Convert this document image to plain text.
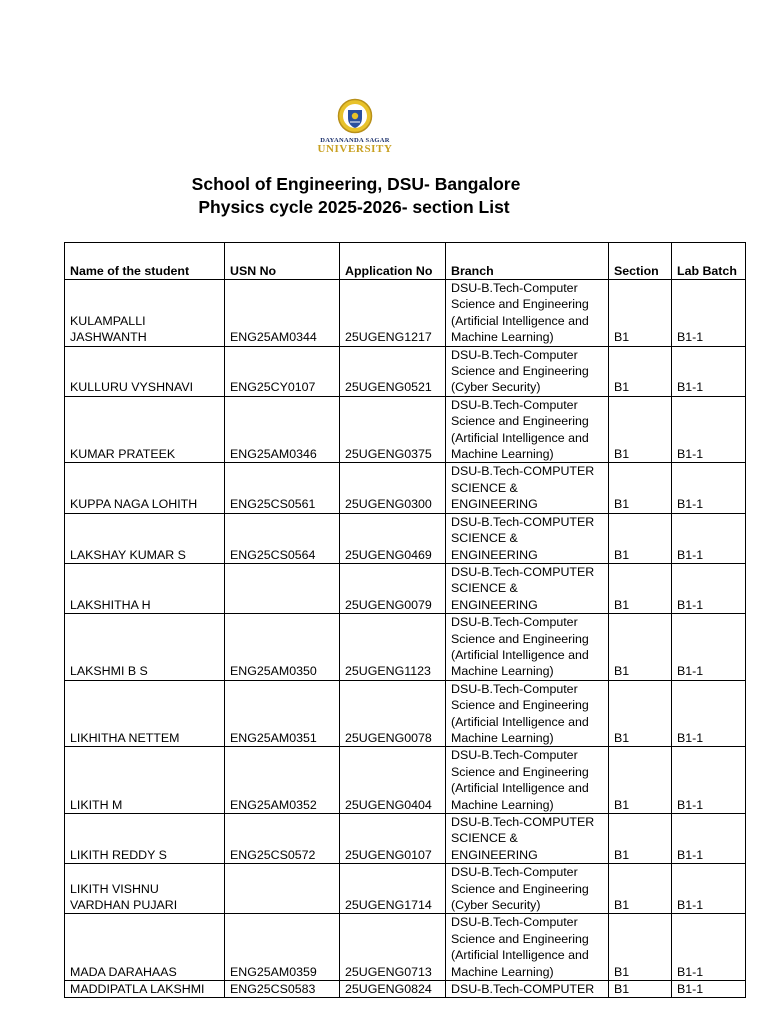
DAYANANDA SAGAR
UNIVERSITY
School of Engineering, DSU- Bangalore
Physics cycle 2025-2026- section List
Name of the student	USN No	Application No	Branch	Section	Lab Batch
KULAMPALLI JASHWANTH	ENG25AM0344	25UGENG1217	DSU-B.Tech-Computer Science and Engineering (Artificial Intelligence and Machine Learning)	B1	B1-1
KULLURU VYSHNAVI	ENG25CY0107	25UGENG0521	DSU-B.Tech-Computer Science and Engineering (Cyber Security)	B1	B1-1
KUMAR PRATEEK	ENG25AM0346	25UGENG0375	DSU-B.Tech-Computer Science and Engineering (Artificial Intelligence and Machine Learning)	B1	B1-1
KUPPA NAGA LOHITH	ENG25CS0561	25UGENG0300	DSU-B.Tech-COMPUTER SCIENCE & ENGINEERING	B1	B1-1
LAKSHAY KUMAR S	ENG25CS0564	25UGENG0469	DSU-B.Tech-COMPUTER SCIENCE & ENGINEERING	B1	B1-1
LAKSHITHA H		25UGENG0079	DSU-B.Tech-COMPUTER SCIENCE & ENGINEERING	B1	B1-1
LAKSHMI B S	ENG25AM0350	25UGENG1123	DSU-B.Tech-Computer Science and Engineering (Artificial Intelligence and Machine Learning)	B1	B1-1
LIKHITHA NETTEM	ENG25AM0351	25UGENG0078	DSU-B.Tech-Computer Science and Engineering (Artificial Intelligence and Machine Learning)	B1	B1-1
LIKITH M	ENG25AM0352	25UGENG0404	DSU-B.Tech-Computer Science and Engineering (Artificial Intelligence and Machine Learning)	B1	B1-1
LIKITH REDDY S	ENG25CS0572	25UGENG0107	DSU-B.Tech-COMPUTER SCIENCE & ENGINEERING	B1	B1-1
LIKITH VISHNU VARDHAN PUJARI		25UGENG1714	DSU-B.Tech-Computer Science and Engineering (Cyber Security)	B1	B1-1
MADA DARAHAAS	ENG25AM0359	25UGENG0713	DSU-B.Tech-Computer Science and Engineering (Artificial Intelligence and Machine Learning)	B1	B1-1
MADDIPATLA LAKSHMI	ENG25CS0583	25UGENG0824	DSU-B.Tech-COMPUTER	B1	B1-1
